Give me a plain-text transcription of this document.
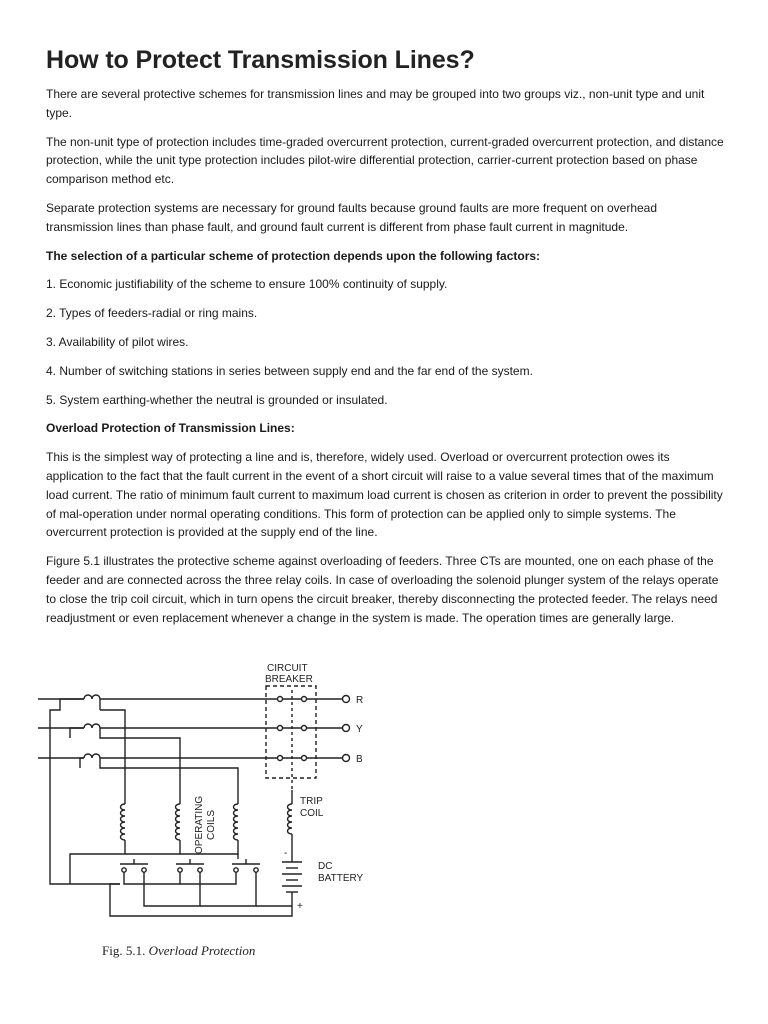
How to Protect Transmission Lines?

There are several protective schemes for transmission lines and may be grouped into two groups viz., non-unit type and unit type.

The non-unit type of protection includes time-graded overcurrent protection, current-graded overcurrent protection, and distance protection, while the unit type protection includes pilot-wire differential protection, carrier-current protection based on phase comparison method etc.

Separate protection systems are necessary for ground faults because ground faults are more frequent on overhead transmission lines than phase fault, and ground fault current is different from phase fault current in magnitude.

The selection of a particular scheme of protection depends upon the following factors:

1. Economic justifiability of the scheme to ensure 100% continuity of supply.

2. Types of feeders-radial or ring mains.

3. Availability of pilot wires.

4. Number of switching stations in series between supply end and the far end of the system.

5. System earthing-whether the neutral is grounded or insulated.

Overload Protection of Transmission Lines:

This is the simplest way of protecting a line and is, therefore, widely used. Overload or overcurrent protection owes its application to the fact that the fault current in the event of a short circuit will raise to a value several times that of the maximum load current. The ratio of minimum fault current to maximum load current is chosen as criterion in order to prevent the possibility of mal-operation under normal operating conditions. This form of protection can be applied only to simple systems. The overcurrent protection is provided at the supply end of the line.

Figure 5.1 illustrates the protective scheme against overloading of feeders. Three CTs are mounted, one on each phase of the feeder and are connected across the three relay coils. In case of overloading the solenoid plunger system of the relays operate to close the trip coil circuit, which in turn opens the circuit breaker, thereby disconnecting the protected feeder. The relays need readjustment or even replacement whenever a change in the system is made. The operation times are generally large.

CIRCUIT
BREAKER
R
Y
B
OPERATING COILS
TRIP
COIL
-
+
DC
BATTERY
Fig. 5.1. Overload Protection
